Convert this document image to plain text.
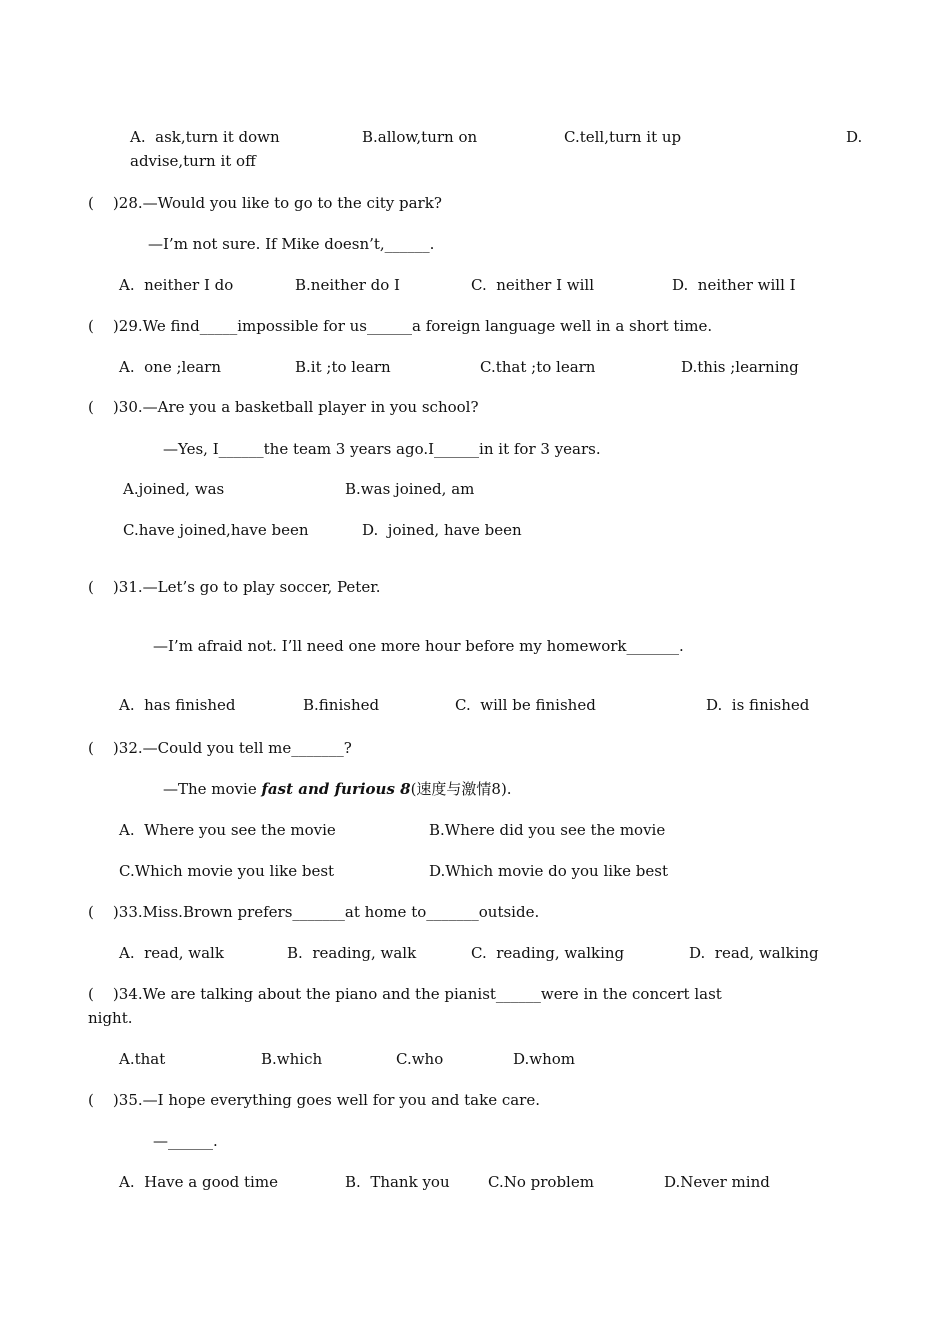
A.  ask,turn it down	B.allow,turn on	C.tell,turn it up	D.
advise,turn it off
(    )28.—Would you like to go to the city park?
—I’m not sure. If Mike doesn’t,______.
A.  neither I do	B.neither do I	C.  neither I will	D.  neither will I
(    )29.We find_____impossible for us______a foreign language well in a short time.
A.  one ;learn	B.it ;to learn	C.that ;to learn	D.this ;learning
(    )30.—Are you a basketball player in you school?
—Yes, I______the team 3 years ago.I______in it for 3 years.
A.joined, was	B.was joined, am
C.have joined,have been	D.  joined, have been
(    )31.—Let’s go to play soccer, Peter.
—I’m afraid not. I’ll need one more hour before my homework_______.
A.  has finished	B.finished	C.  will be finished	D.  is finished
(    )32.—Could you tell me_______?
—The movie fast and furious 8(速度与激情8).
A.  Where you see the movie	B.Where did you see the movie
C.Which movie you like best	D.Which movie do you like best
(    )33.Miss.Brown prefers_______at home to_______outside.
A.  read, walk	B.  reading, walk	C.  reading, walking	D.  read, walking
(    )34.We are talking about the piano and the pianist______were in the concert last
night.
A.that	B.which	C.who	D.whom
(    )35.—I hope everything goes well for you and take care.
—______.
A.  Have a good time	B.  Thank you	C.No problem	D.Never mind
